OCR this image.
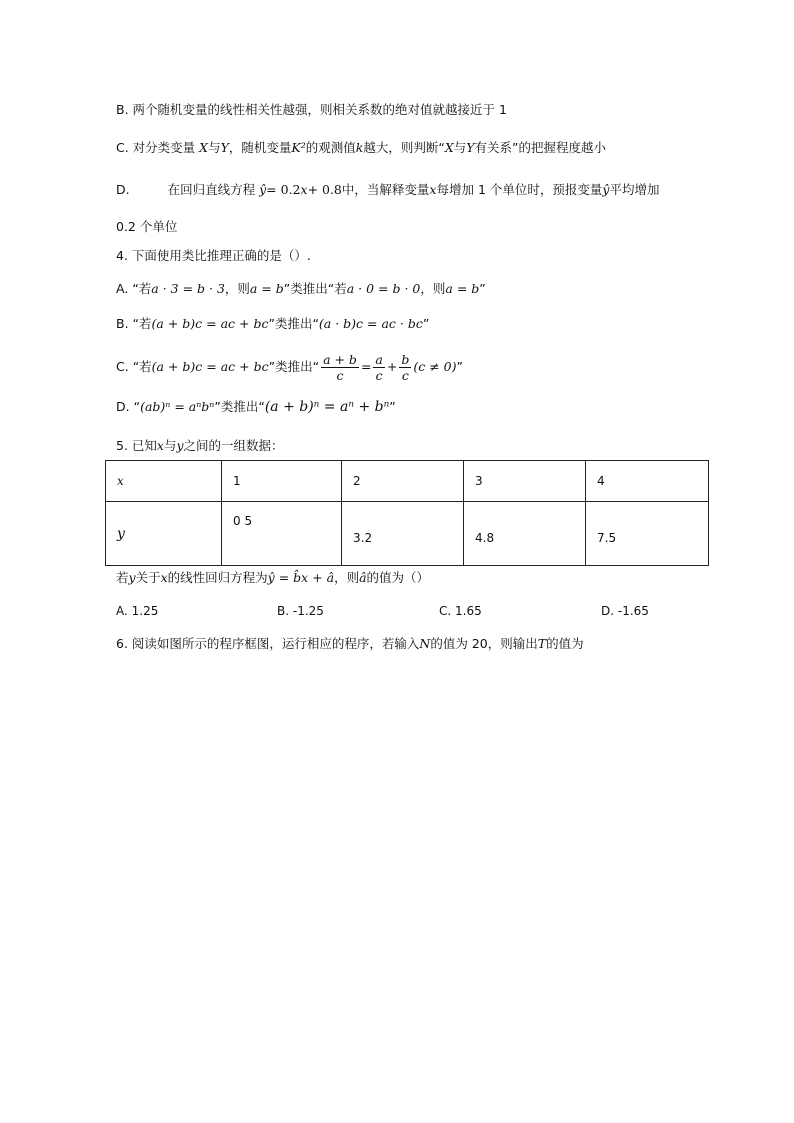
B. 两个随机变量的线性相关性越强，则相关系数的绝对值就越接近于 1
C. 对分类变量 X与Y，随机变量K²的观测值k越大，则判断“X与Y有关系”的把握程度越小
D.	在回归直线方程 ŷ= 0.2x+ 0.8中，当解释变量x每增加 1 个单位时，预报变量ŷ平均增加
0.2 个单位
4. 下面使用类比推理正确的是（）.
A. “若a · 3 = b · 3，则a = b”类推出“若a · 0 = b · 0，则a = b”
B. “若(a + b)c = ac + bc”类推出“(a · b)c = ac · bc”
C. “若(a + b)c = ac + bc”类推出“ $\frac{a + b}{c} = \frac{a}{c} + \frac{b}{c} (c \ne 0)$”
D. “(ab)ⁿ = aⁿbⁿ”类推出“(a + b)ⁿ = aⁿ + bⁿ”
5. 已知x与y之间的一组数据：
x	1	2	3	4
y	0 5	3.2	4.8	7.5
若y关于x的线性回归方程为ŷ = b̂x + â，则â的值为（）
A. 1.25	B. -1.25	C. 1.65	D. -1.65
6. 阅读如图所示的程序框图，运行相应的程序，若输入N的值为 20，则输出T的值为
